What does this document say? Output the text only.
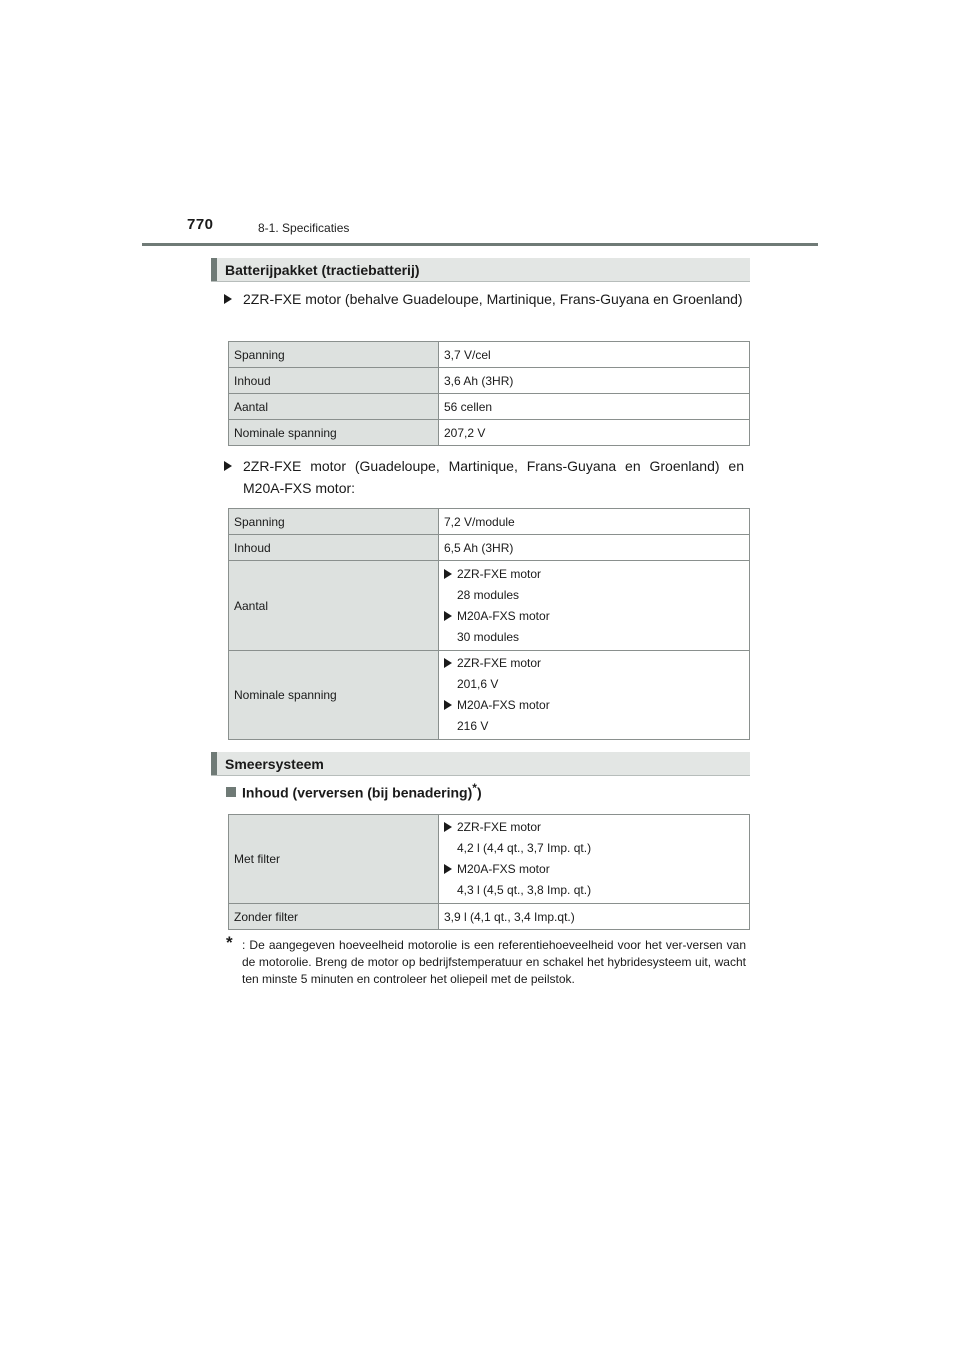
770	8-1. Specificaties
Batterijpakket (tractiebatterij)
2ZR-FXE motor (behalve Guadeloupe, Martinique, Frans-Guyana en Groenland)
Spanning	3,7 V/cel
Inhoud	3,6 Ah (3HR)
Aantal	56 cellen
Nominale spanning	207,2 V
2ZR-FXE motor (Guadeloupe, Martinique, Frans-Guyana en Groenland) en M20A-FXS motor:
Spanning	7,2 V/module
Inhoud	6,5 Ah (3HR)
Aantal	2ZR-FXE motor
28 modules
M20A-FXS motor
30 modules

Nominale spanning	2ZR-FXE motor
201,6 V
M20A-FXS motor
216 V
Smeersysteem
Inhoud (verversen (bij benadering)*)
Met filter	2ZR-FXE motor
4,2 l (4,4 qt., 3,7 Imp. qt.)
M20A-FXS motor
4,3 l (4,5 qt., 3,8 Imp. qt.)

Zonder filter	3,9 l (4,1 qt., 3,4 Imp.qt.)
* : De aangegeven hoeveelheid motorolie is een referentiehoeveelheid voor het ver-versen van de motorolie. Breng de motor op bedrijfstemperatuur en schakel het hybridesysteem uit, wacht ten minste 5 minuten en controleer het oliepeil met de peilstok.
